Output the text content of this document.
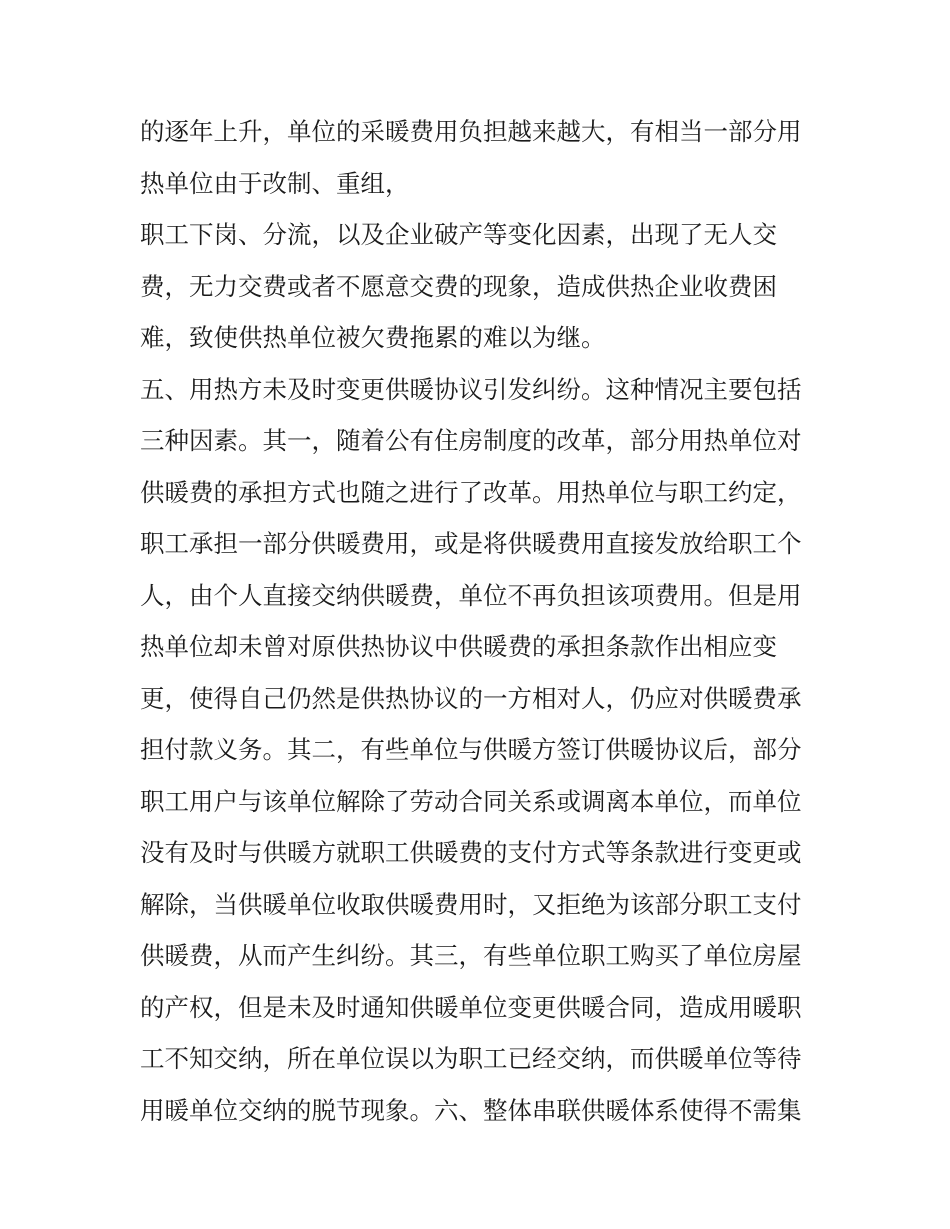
的逐年上升，单位的采暖费用负担越来越大，有相当一部分用
热单位由于改制、重组，
职工下岗、分流，以及企业破产等变化因素，出现了无人交
费，无力交费或者不愿意交费的现象，造成供热企业收费困
难，致使供热单位被欠费拖累的难以为继。
五、用热方未及时变更供暖协议引发纠纷。这种情况主要包括
三种因素。其一，随着公有住房制度的改革，部分用热单位对
供暖费的承担方式也随之进行了改革。用热单位与职工约定，
职工承担一部分供暖费用，或是将供暖费用直接发放给职工个
人，由个人直接交纳供暖费，单位不再负担该项费用。但是用
热单位却未曾对原供热协议中供暖费的承担条款作出相应变
更，使得自己仍然是供热协议的一方相对人，仍应对供暖费承
担付款义务。其二，有些单位与供暖方签订供暖协议后，部分
职工用户与该单位解除了劳动合同关系或调离本单位，而单位
没有及时与供暖方就职工供暖费的支付方式等条款进行变更或
解除，当供暖单位收取供暖费用时，又拒绝为该部分职工支付
供暖费，从而产生纠纷。其三，有些单位职工购买了单位房屋
的产权，但是未及时通知供暖单位变更供暖合同，造成用暖职
工不知交纳，所在单位误以为职工已经交纳，而供暖单位等待
用暖单位交纳的脱节现象。六、整体串联供暖体系使得不需集
